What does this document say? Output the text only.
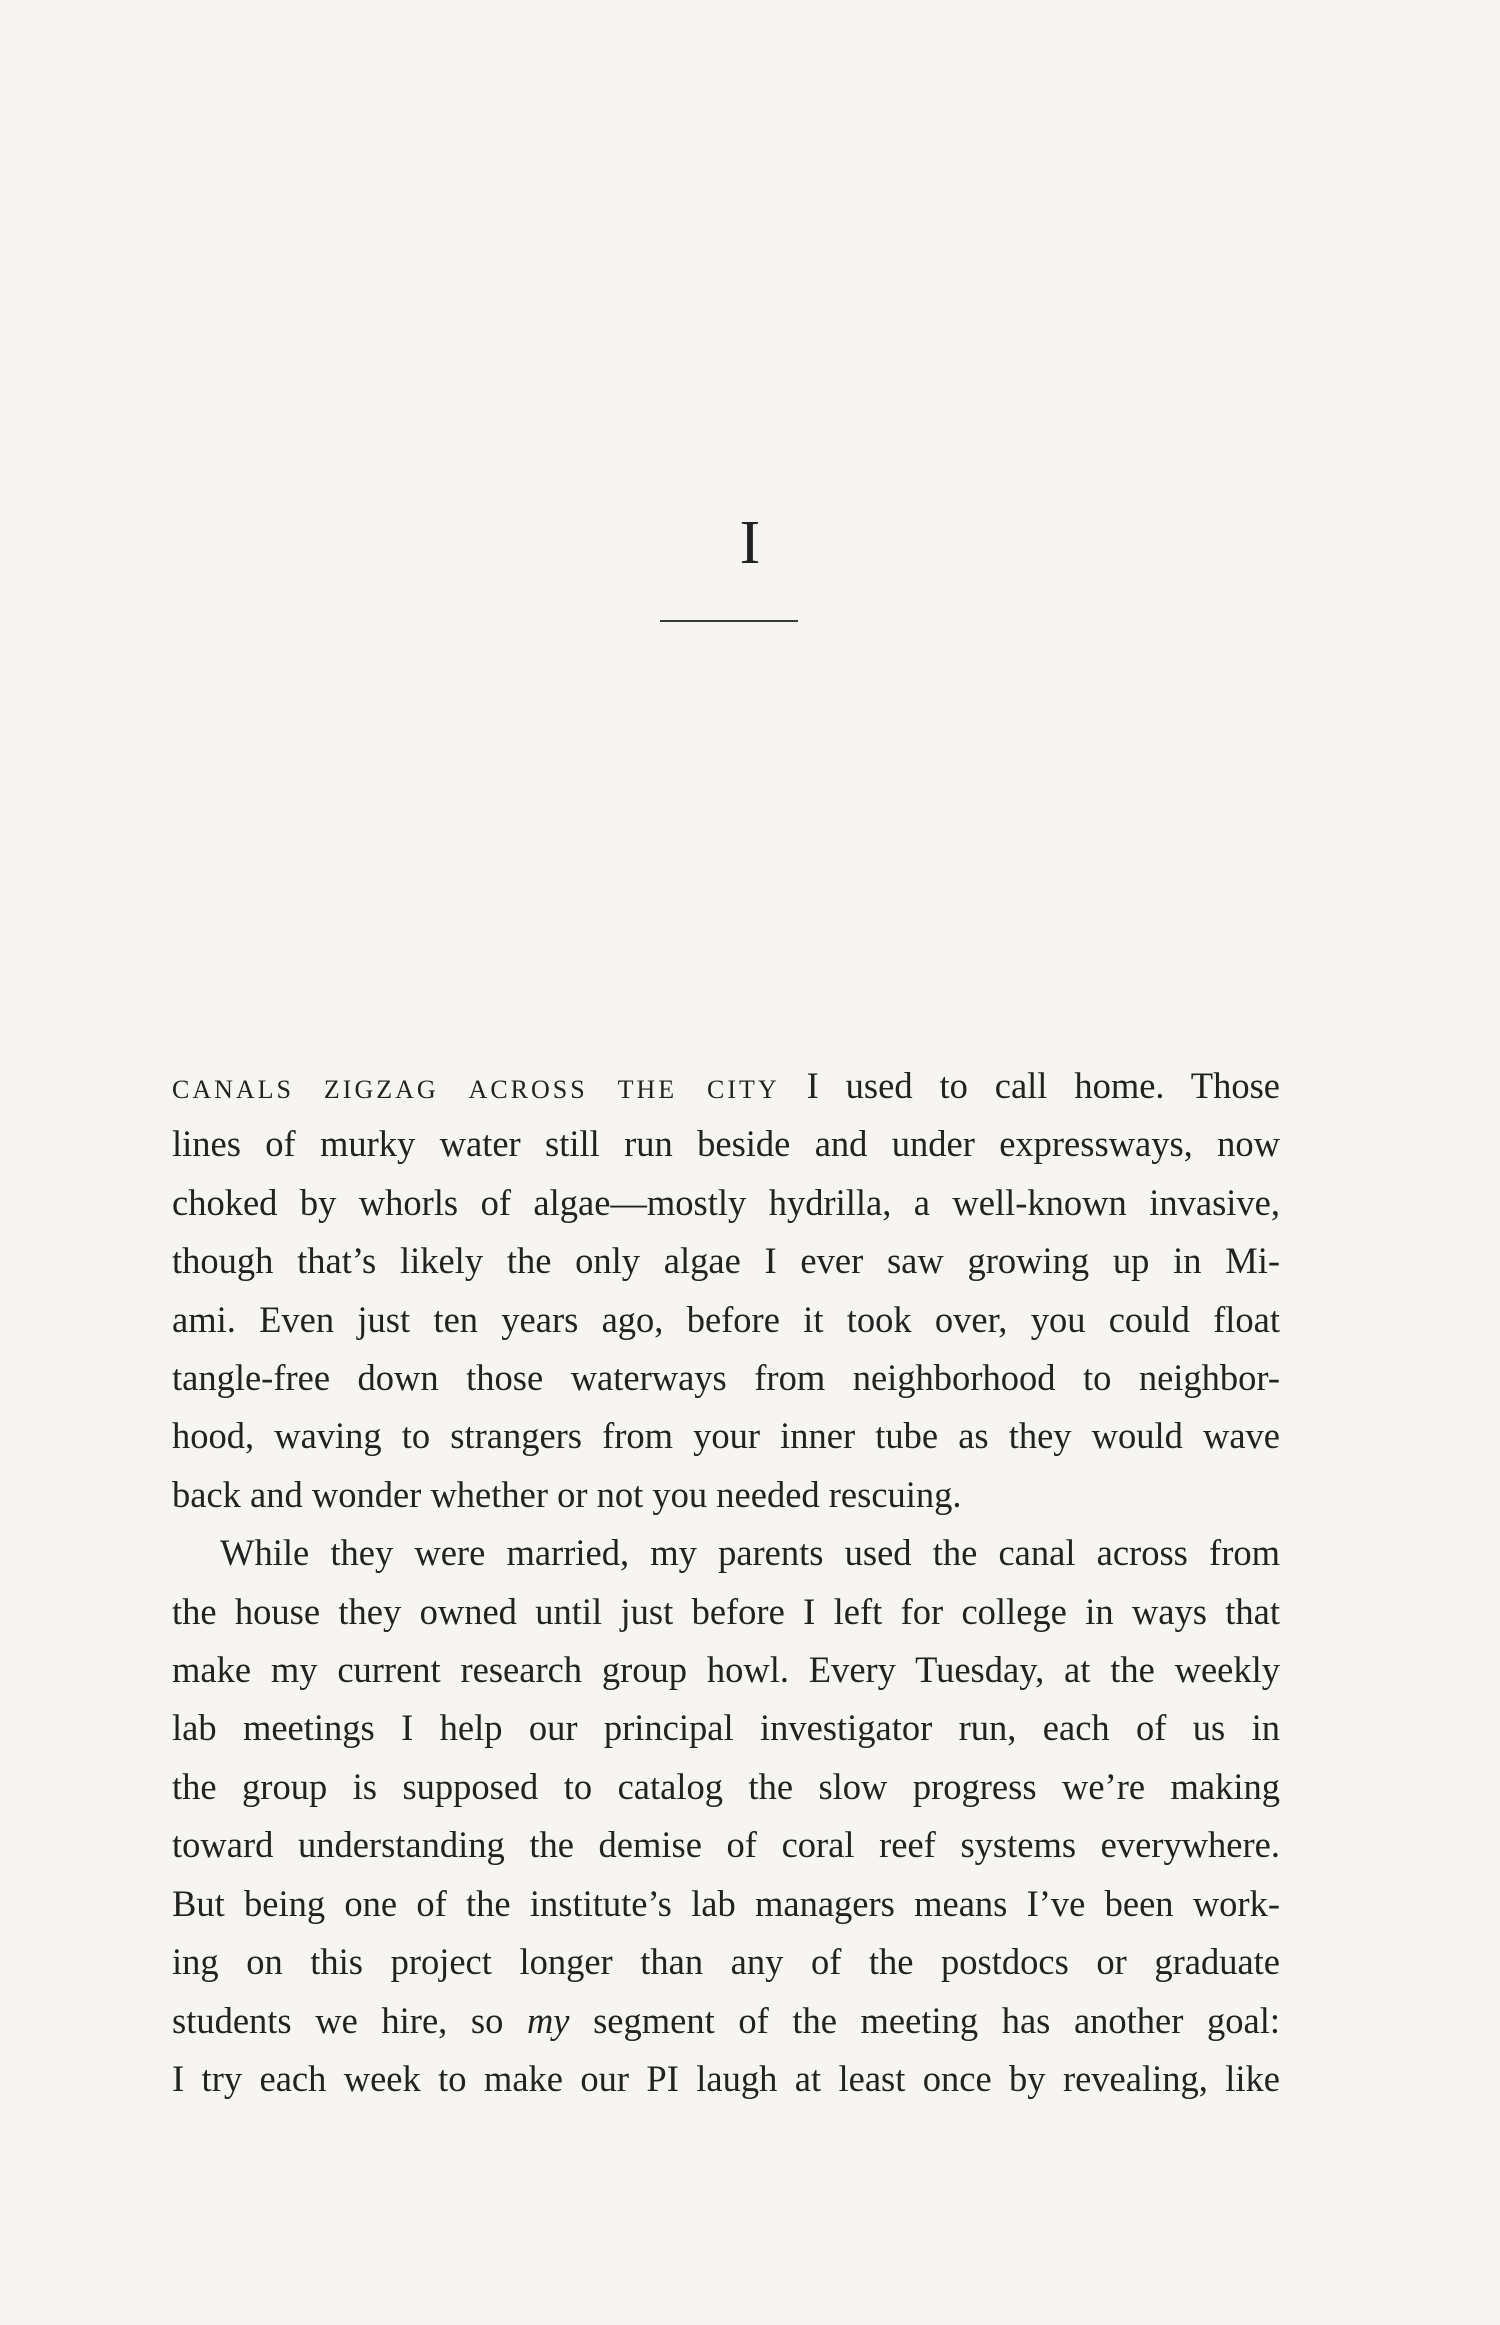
I

canals zigzag across the city I used to call home. Those
lines of murky water still run beside and under expressways, now
choked by whorls of algae—mostly hydrilla, a well-known invasive,
though that’s likely the only algae I ever saw growing up in Mi-
ami. Even just ten years ago, before it took over, you could float
tangle-free down those waterways from neighborhood to neighbor-
hood, waving to strangers from your inner tube as they would wave
back and wonder whether or not you needed rescuing.

While they were married, my parents used the canal across from
the house they owned until just before I left for college in ways that
make my current research group howl. Every Tuesday, at the weekly
lab meetings I help our principal investigator run, each of us in
the group is supposed to catalog the slow progress we’re making
toward understanding the demise of coral reef systems everywhere.
But being one of the institute’s lab managers means I’ve been work-
ing on this project longer than any of the postdocs or graduate
students we hire, so my segment of the meeting has another goal:
I try each week to make our PI laugh at least once by revealing, like
